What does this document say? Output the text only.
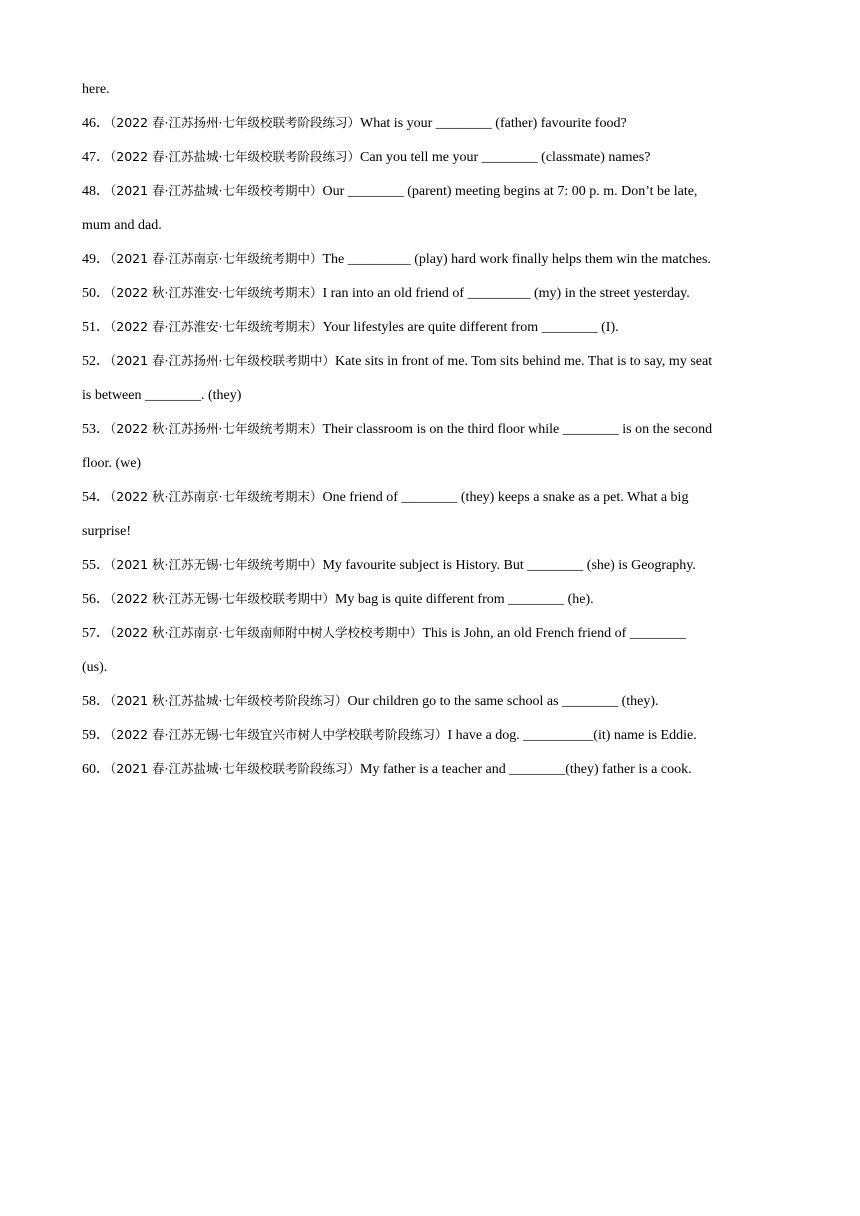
here.
46．（2022 春·江苏扬州·七年级校联考阶段练习）What is your ________ (father) favourite food?
47．（2022 春·江苏盐城·七年级校联考阶段练习）Can you tell me your ________ (classmate) names?
48．（2021 春·江苏盐城·七年级校考期中）Our ________ (parent) meeting begins at 7: 00 p. m. Don’t be late,
mum and dad.
49．（2021 春·江苏南京·七年级统考期中）The _________ (play) hard work finally helps them win the matches.
50．（2022 秋·江苏淮安·七年级统考期末）I ran into an old friend of _________ (my) in the street yesterday.
51．（2022 春·江苏淮安·七年级统考期末）Your lifestyles are quite different from ________ (I).
52．（2021 春·江苏扬州·七年级校联考期中）Kate sits in front of me. Tom sits behind me. That is to say, my seat
is between ________. (they)
53．（2022 秋·江苏扬州·七年级统考期末）Their classroom is on the third floor while ________ is on the second
floor. (we)
54．（2022 秋·江苏南京·七年级统考期末）One friend of ________ (they) keeps a snake as a pet. What a big
surprise!
55．（2021 秋·江苏无锡·七年级统考期中）My favourite subject is History. But ________ (she) is Geography.
56．（2022 秋·江苏无锡·七年级校联考期中）My bag is quite different from ________ (he).
57．（2022 秋·江苏南京·七年级南师附中树人学校校考期中）This is John, an old French friend of ________
(us).
58．（2021 秋·江苏盐城·七年级校考阶段练习）Our children go to the same school as ________ (they).
59．（2022 春·江苏无锡·七年级宜兴市树人中学校联考阶段练习）I have a dog. __________(it) name is Eddie.
60．（2021 春·江苏盐城·七年级校联考阶段练习）My father is a teacher and ________(they) father is a cook.
